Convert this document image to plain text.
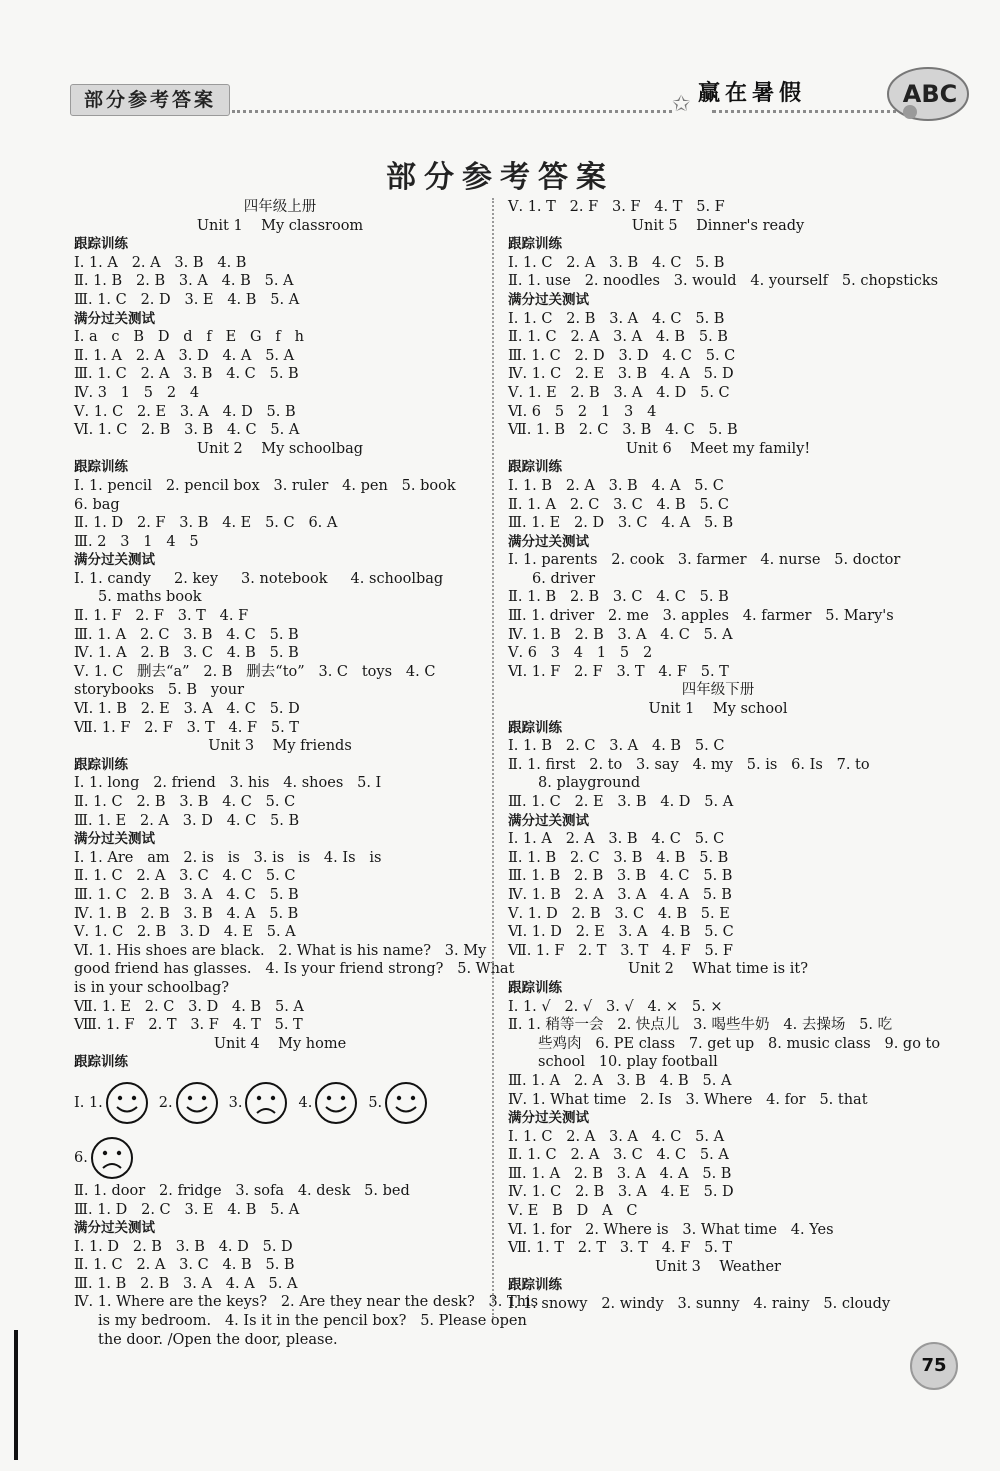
部分参考答案	✩ 赢在暑假	ABC
部分参考答案
四年级上册
Unit 1    My classroom
跟踪训练
Ⅰ. 1. A   2. A   3. B   4. B
Ⅱ. 1. B   2. B   3. A   4. B   5. A
Ⅲ. 1. C   2. D   3. E   4. B   5. A
满分过关测试
Ⅰ. a   c   B   D   d   f   E   G   f   h
Ⅱ. 1. A   2. A   3. D   4. A   5. A
Ⅲ. 1. C   2. A   3. B   4. C   5. B
Ⅳ. 3   1   5   2   4
Ⅴ. 1. C   2. E   3. A   4. D   5. B
Ⅵ. 1. C   2. B   3. B   4. C   5. A
Unit 2    My schoolbag
跟踪训练
Ⅰ. 1. pencil   2. pencil box   3. ruler   4. pen   5. book
6. bag
Ⅱ. 1. D   2. F   3. B   4. E   5. C   6. A
Ⅲ. 2   3   1   4   5
满分过关测试
Ⅰ. 1. candy     2. key     3. notebook     4. schoolbag
5. maths book
Ⅱ. 1. F   2. F   3. T   4. F
Ⅲ. 1. A   2. C   3. B   4. C   5. B
Ⅳ. 1. A   2. B   3. C   4. B   5. B
Ⅴ. 1. C   删去“a”   2. B   删去“to”   3. C   toys   4. C
storybooks   5. B   your
Ⅵ. 1. B   2. E   3. A   4. C   5. D
Ⅶ. 1. F   2. F   3. T   4. F   5. T
Unit 3    My friends
跟踪训练
Ⅰ. 1. long   2. friend   3. his   4. shoes   5. I
Ⅱ. 1. C   2. B   3. B   4. C   5. C
Ⅲ. 1. E   2. A   3. D   4. C   5. B
满分过关测试
Ⅰ. 1. Are   am   2. is   is   3. is   is   4. Is   is
Ⅱ. 1. C   2. A   3. C   4. C   5. C
Ⅲ. 1. C   2. B   3. A   4. C   5. B
Ⅳ. 1. B   2. B   3. B   4. A   5. B
Ⅴ. 1. C   2. B   3. D   4. E   5. A
Ⅵ. 1. His shoes are black.   2. What is his name?   3. My
good friend has glasses.   4. Is your friend strong?   5. What
is in your schoolbag?
Ⅶ. 1. E   2. C   3. D   4. B   5. A
Ⅷ. 1. F   2. T   3. F   4. T   5. T
Unit 4    My home
跟踪训练
Ⅰ. 1.	2.	3.	4.	5.
6.
Ⅱ. 1. door   2. fridge   3. sofa   4. desk   5. bed
Ⅲ. 1. D   2. C   3. E   4. B   5. A
满分过关测试
Ⅰ. 1. D   2. B   3. B   4. D   5. D
Ⅱ. 1. C   2. A   3. C   4. B   5. B
Ⅲ. 1. B   2. B   3. A   4. A   5. A
Ⅳ. 1. Where are the keys?   2. Are they near the desk?   3. This
is my bedroom.   4. Is it in the pencil box?   5. Please open
the door. /Open the door, please.
Ⅴ. 1. T   2. F   3. F   4. T   5. F
Unit 5    Dinner's ready
跟踪训练
Ⅰ. 1. C   2. A   3. B   4. C   5. B
Ⅱ. 1. use   2. noodles   3. would   4. yourself   5. chopsticks
满分过关测试
Ⅰ. 1. C   2. B   3. A   4. C   5. B
Ⅱ. 1. C   2. A   3. A   4. B   5. B
Ⅲ. 1. C   2. D   3. D   4. C   5. C
Ⅳ. 1. C   2. E   3. B   4. A   5. D
Ⅴ. 1. E   2. B   3. A   4. D   5. C
Ⅵ. 6   5   2   1   3   4
Ⅶ. 1. B   2. C   3. B   4. C   5. B
Unit 6    Meet my family!
跟踪训练
Ⅰ. 1. B   2. A   3. B   4. A   5. C
Ⅱ. 1. A   2. C   3. C   4. B   5. C
Ⅲ. 1. E   2. D   3. C   4. A   5. B
满分过关测试
Ⅰ. 1. parents   2. cook   3. farmer   4. nurse   5. doctor
6. driver
Ⅱ. 1. B   2. B   3. C   4. C   5. B
Ⅲ. 1. driver   2. me   3. apples   4. farmer   5. Mary's
Ⅳ. 1. B   2. B   3. A   4. C   5. A
Ⅴ. 6   3   4   1   5   2
Ⅵ. 1. F   2. F   3. T   4. F   5. T
四年级下册
Unit 1    My school
跟踪训练
Ⅰ. 1. B   2. C   3. A   4. B   5. C
Ⅱ. 1. first   2. to   3. say   4. my   5. is   6. Is   7. to
8. playground
Ⅲ. 1. C   2. E   3. B   4. D   5. A
满分过关测试
Ⅰ. 1. A   2. A   3. B   4. C   5. C
Ⅱ. 1. B   2. C   3. B   4. B   5. B
Ⅲ. 1. B   2. B   3. B   4. C   5. B
Ⅳ. 1. B   2. A   3. A   4. A   5. B
Ⅴ. 1. D   2. B   3. C   4. B   5. E
Ⅵ. 1. D   2. E   3. A   4. B   5. C
Ⅶ. 1. F   2. T   3. T   4. F   5. F
Unit 2    What time is it?
跟踪训练
Ⅰ. 1. √   2. √   3. √   4. ×   5. ×
Ⅱ. 1. 稍等一会   2. 快点儿   3. 喝些牛奶   4. 去操场   5. 吃
些鸡肉   6. PE class   7. get up   8. music class   9. go to
school   10. play football
Ⅲ. 1. A   2. A   3. B   4. B   5. A
Ⅳ. 1. What time   2. Is   3. Where   4. for   5. that
满分过关测试
Ⅰ. 1. C   2. A   3. A   4. C   5. A
Ⅱ. 1. C   2. A   3. C   4. C   5. A
Ⅲ. 1. A   2. B   3. A   4. A   5. B
Ⅳ. 1. C   2. B   3. A   4. E   5. D
Ⅴ. E   B   D   A   C
Ⅵ. 1. for   2. Where is   3. What time   4. Yes
Ⅶ. 1. T   2. T   3. T   4. F   5. T
Unit 3    Weather
跟踪训练
Ⅰ. 1. snowy   2. windy   3. sunny   4. rainy   5. cloudy
75
